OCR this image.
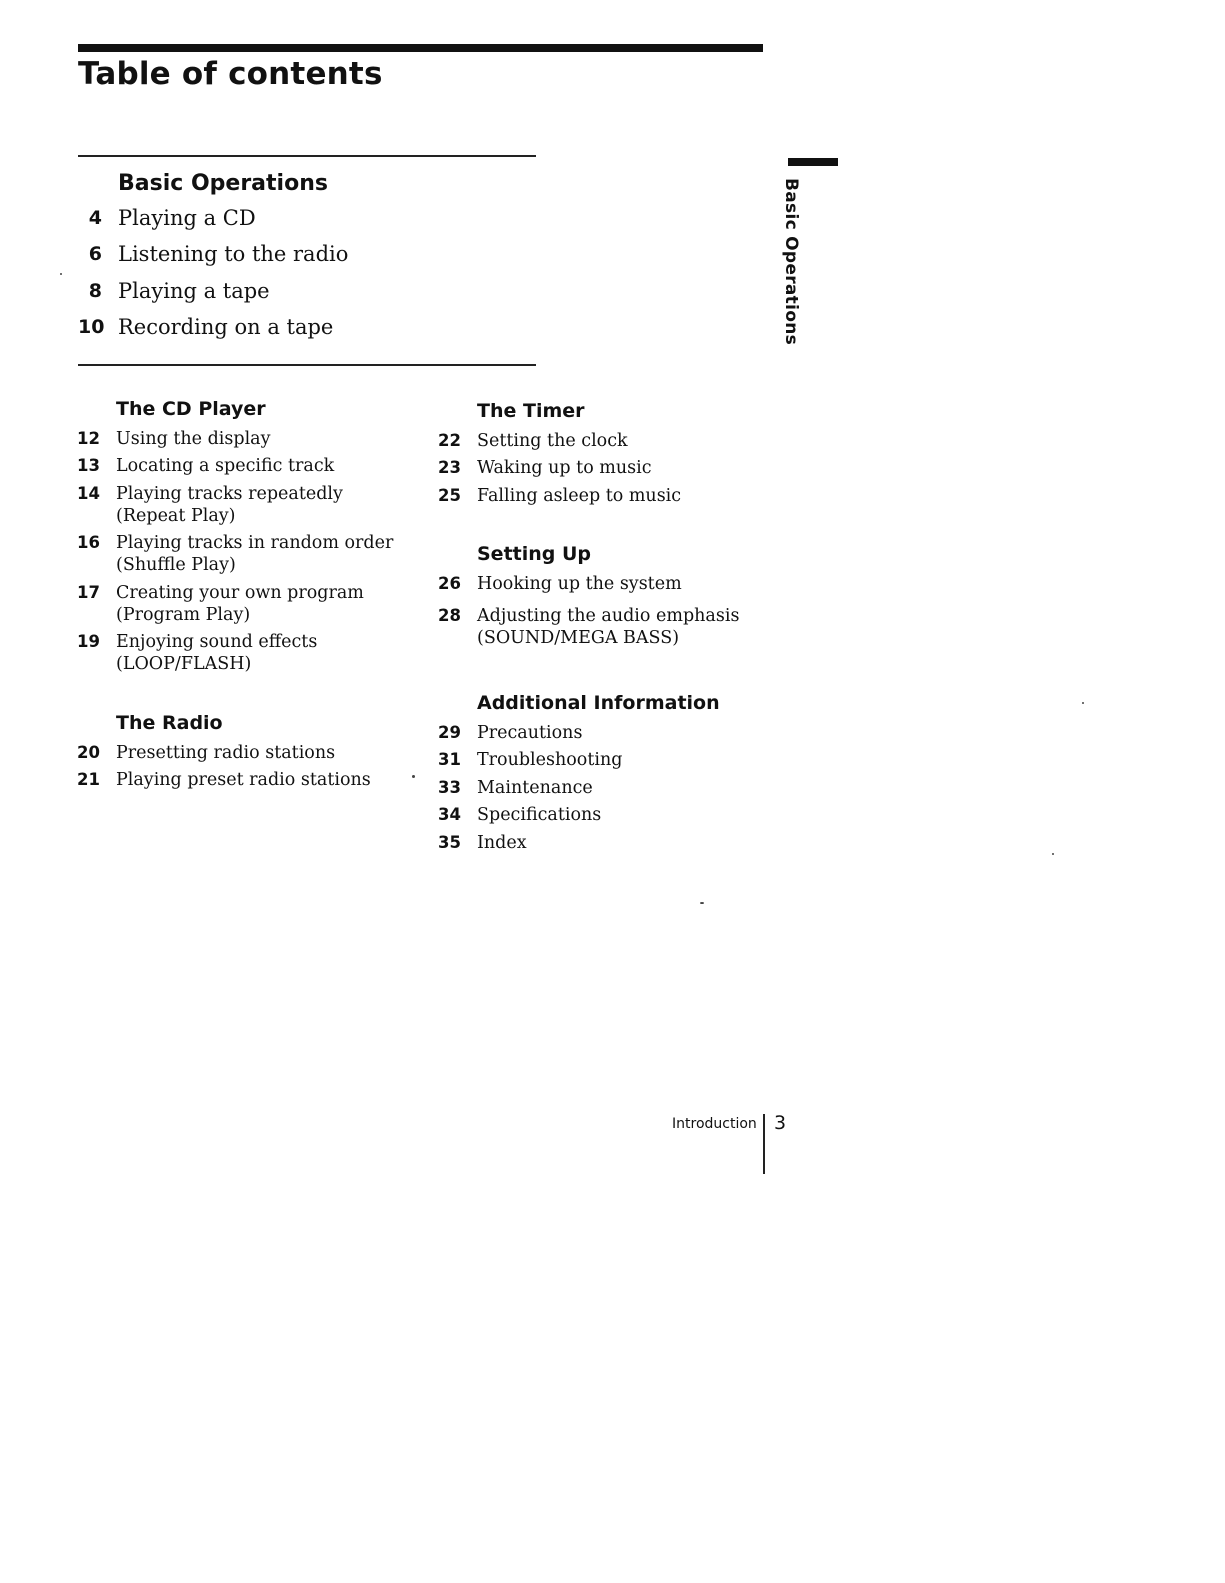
Table of contents
Basic Operations
4 Playing a CD
6 Listening to the radio
8 Playing a tape
10 Recording on a tape
The CD Player
12 Using the display
13 Locating a specific track
14 Playing tracks repeatedly
(Repeat Play)
16 Playing tracks in random order
(Shuffle Play)
17 Creating your own program
(Program Play)
19 Enjoying sound effects
(LOOP/FLASH)
The Radio
20 Presetting radio stations
21 Playing preset radio stations
The Timer
22 Setting the clock
23 Waking up to music
25 Falling asleep to music
Setting Up
26 Hooking up the system
28 Adjusting the audio emphasis
(SOUND/MEGA BASS)
Additional Information
29 Precautions
31 Troubleshooting
33 Maintenance
34 Specifications
35 Index
Basic Operations
Introduction 3
